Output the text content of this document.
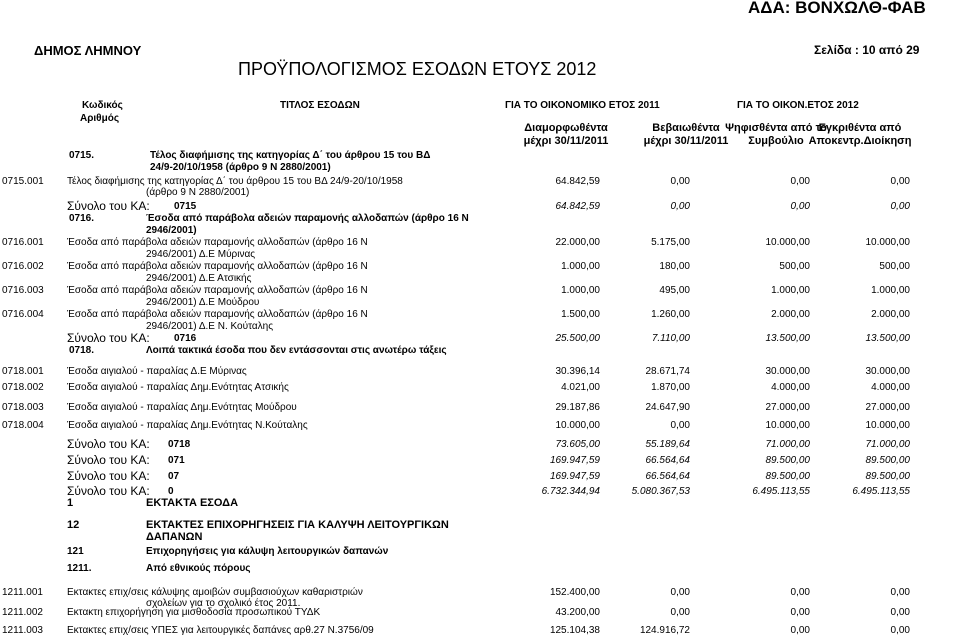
ΑΔΑ: ΒΟΝΧΩΛΘ-ΦΑΒ
ΔΗΜΟΣ ΛΗΜΝΟΥ	Σελίδα : 10 από 29
ΠΡΟΫΠΟΛΟΓΙΣΜΟΣ ΕΣΟΔΩΝ ΕΤΟΥΣ 2012
Κωδικός
Αριθμός
ΤΙΤΛΟΣ ΕΣΟΔΩΝ	ΓΙΑ ΤΟ ΟΙΚΟΝΟΜΙΚΟ ΕΤΟΣ 2011	ΓΙΑ ΤΟ ΟΙΚΟΝ.ΕΤΟΣ 2012
Διαμορφωθέντα
μέχρι 30/11/2011
Βεβαιωθέντα
μέχρι 30/11/2011
Ψηφισθέντα από το
Συμβούλιο
Εγκριθέντα από
Αποκεντρ.Διοίκηση
0715.	Τέλος διαφήμισης της κατηγορίας Δ΄ του άρθρου 15 του ΒΔ
24/9-20/10/1958 (άρθρο 9 Ν 2880/2001)
0715.001 Τέλος διαφήμισης της κατηγορίας Δ΄ του άρθρου 15 του ΒΔ 24/9-20/10/1958
(άρθρο 9 Ν 2880/2001)
64.842,59	0,00	0,00	0,00
Σύνολο του ΚΑ: 0715	64.842,59	0,00	0,00	0,00
0716.	Έσοδα από παράβολα αδειών παραμονής αλλοδαπών (άρθρο 16 Ν
2946/2001)
0716.001 Έσοδα από παράβολα αδειών παραμονής αλλοδαπών (άρθρο 16 Ν
2946/2001) Δ.Ε Μύρινας
22.000,00	5.175,00	10.000,00	10.000,00
0716.002 Έσοδα από παράβολα αδειών παραμονής αλλοδαπών (άρθρο 16 Ν
2946/2001) Δ.Ε Ατσικής
1.000,00	180,00	500,00	500,00
0716.003 Έσοδα από παράβολα αδειών παραμονής αλλοδαπών (άρθρο 16 Ν
2946/2001) Δ.Ε Μούδρου
1.000,00	495,00	1.000,00	1.000,00
0716.004 Έσοδα από παράβολα αδειών παραμονής αλλοδαπών (άρθρο 16 Ν
2946/2001) Δ.Ε Ν. Κούταλης
1.500,00	1.260,00	2.000,00	2.000,00
Σύνολο του ΚΑ: 0716	25.500,00	7.110,00	13.500,00	13.500,00
0718.	Λοιπά τακτικά έσοδα που δεν εντάσσονται στις ανωτέρω τάξεις
0718.001 Έσοδα αιγιαλού - παραλίας Δ.Ε Μύρινας	30.396,14	28.671,74	30.000,00	30.000,00
0718.002 Έσοδα αιγιαλού - παραλίας Δημ.Ενότητας Ατσικής	4.021,00	1.870,00	4.000,00	4.000,00
0718.003 Έσοδα αιγιαλού - παραλίας Δημ.Ενότητας Μούδρου	29.187,86	24.647,90	27.000,00	27.000,00
0718.004 Έσοδα αιγιαλού - παραλίας Δημ.Ενότητας Ν.Κούταλης	10.000,00	0,00	10.000,00	10.000,00
Σύνολο του ΚΑ: 0718	73.605,00	55.189,64	71.000,00	71.000,00
Σύνολο του ΚΑ: 071	169.947,59	66.564,64	89.500,00	89.500,00
Σύνολο του ΚΑ: 07	169.947,59	66.564,64	89.500,00	89.500,00
Σύνολο του ΚΑ: 0	6.732.344,94	5.080.367,53	6.495.113,55	6.495.113,55
1	ΕΚΤΑΚΤΑ ΕΣΟΔΑ
12	ΕΚΤΑΚΤΕΣ ΕΠΙΧΟΡΗΓΗΣΕΙΣ ΓΙΑ ΚΑΛΥΨΗ ΛΕΙΤΟΥΡΓΙΚΩΝ
ΔΑΠΑΝΩΝ
121	Επιχορηγήσεις για κάλυψη λειτουργικών δαπανών
1211.	Από εθνικούς πόρους
1211.001 Εκτακτες επιχ/σεις κάλυψης αμοιβών συμβασιούχων καθαριστριών
σχολείων για το σχολικό έτος 2011.
152.400,00	0,00	0,00	0,00
1211.002 Εκτακτη επιχορήγηση για μισθοδοσία προσωπικού ΤΥΔΚ	43.200,00	0,00	0,00	0,00
1211.003 Εκτακτες επιχ/σεις ΥΠΕΣ για λειτουργικές δαπάνες αρθ.27 Ν.3756/09	125.104,38	124.916,72	0,00	0,00
